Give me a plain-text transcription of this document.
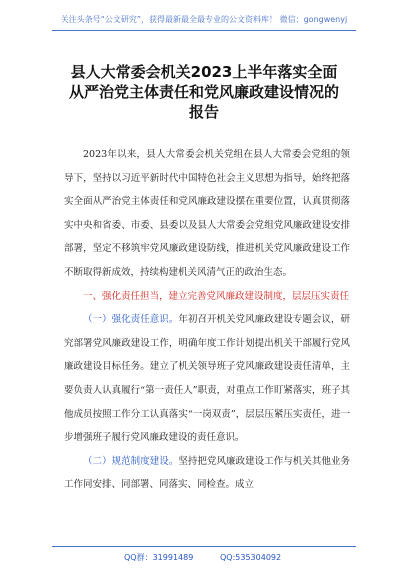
关注头条号“公文研究”，获得最新最全最专业的公文资料库！ 微信：gongwenyj
县人大常委会机关2023上半年落实全面
从严治党主体责任和党风廉政建设情况的
报告

2023年以来，县人大常委会机关党组在县人大常委会党组的领导下，坚持以习近平新时代中国特色社会主义思想为指导，始终把落实全面从严治党主体责任和党风廉政建设摆在重要位置，认真贯彻落实中央和省委、市委、县委以及县人大常委会党组党风廉政建设安排部署，坚定不移筑牢党风廉政建设防线，推进机关党风廉政建设工作不断取得新成效，持续构建机关风清气正的政治生态。

一、强化责任担当，建立完善党风廉政建设制度，层层压实责任

（一）强化责任意识。年初召开机关党风廉政建设专题会议，研究部署党风廉政建设工作，明确年度工作计划提出机关干部履行党风廉政建设目标任务。建立了机关领导班子党风廉政建设责任清单，主要负责人认真履行“第一责任人”职责，对重点工作盯紧落实，班子其他成员按照工作分工认真落实“一岗双责”，层层压紧压实责任，进一步增强班子履行党风廉政建设的责任意识。

（二）规范制度建设。坚持把党风廉政建设工作与机关其他业务工作同安排、同部署、同落实、同检查。成立

QQ群：31991489	QQ:535304092
